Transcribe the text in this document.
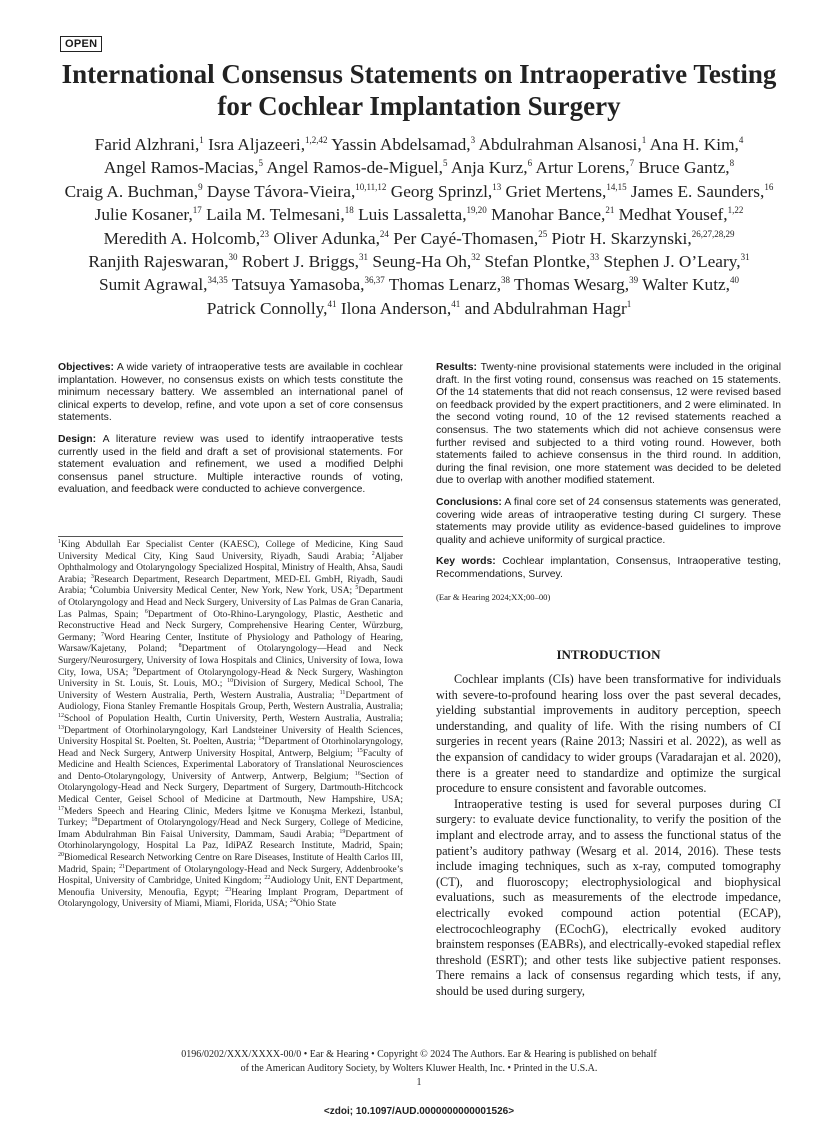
OPEN
International Consensus Statements on Intraoperative Testing for Cochlear Implantation Surgery
Farid Alzhrani,$^1$ Isra Aljazeeri,$^{1,2,42}$ Yassin Abdelsamad,$^3$ Abdulrahman Alsanosi,$^1$ Ana H. Kim,$^4$ Angel Ramos-Macias,$^5$ Angel Ramos-de-Miguel,$^5$ Anja Kurz,$^6$ Artur Lorens,$^7$ Bruce Gantz,$^8$ Craig A. Buchman,$^9$ Dayse Távora-Vieira,$^{10,11,12}$ Georg Sprinzl,$^{13}$ Griet Mertens,$^{14,15}$ James E. Saunders,$^{16}$ Julie Kosaner,$^{17}$ Laila M. Telmesani,$^{18}$ Luis Lassaletta,$^{19,20}$ Manohar Bance,$^{21}$ Medhat Yousef,$^{1,22}$ Meredith A. Holcomb,$^{23}$ Oliver Adunka,$^{24}$ Per Cayé-Thomasen,$^{25}$ Piotr H. Skarzynski,$^{26,27,28,29}$ Ranjith Rajeswaran,$^{30}$ Robert J. Briggs,$^{31}$ Seung-Ha Oh,$^{32}$ Stefan Plontke,$^{33}$ Stephen J. O’Leary,$^{31}$ Sumit Agrawal,$^{34,35}$ Tatsuya Yamasoba,$^{36,37}$ Thomas Lenarz,$^{38}$ Thomas Wesarg,$^{39}$ Walter Kutz,$^{40}$ Patrick Connolly,$^{41}$ Ilona Anderson,$^{41}$ and Abdulrahman Hagr$^1$

Objectives: A wide variety of intraoperative tests are available in cochlear implantation. However, no consensus exists on which tests constitute the minimum necessary battery. We assembled an international panel of clinical experts to develop, refine, and vote upon a set of core consensus statements.

Design: A literature review was used to identify intraoperative tests currently used in the field and draft a set of provisional statements. For statement evaluation and refinement, we used a modified Delphi consensus panel structure. Multiple interactive rounds of voting, evaluation, and feedback were conducted to achieve convergence.

Results: Twenty-nine provisional statements were included in the original draft. In the first voting round, consensus was reached on 15 statements. Of the 14 statements that did not reach consensus, 12 were revised based on feedback provided by the expert practitioners, and 2 were eliminated. In the second voting round, 10 of the 12 revised statements reached a consensus. The two statements which did not achieve consensus were further revised and subjected to a third voting round. However, both statements failed to achieve consensus in the third round. In addition, during the final revision, one more statement was decided to be deleted due to overlap with another modified statement.

Conclusions: A final core set of 24 consensus statements was generated, covering wide areas of intraoperative testing during CI surgery. These statements may provide utility as evidence-based guidelines to improve quality and achieve uniformity of surgical practice.

Key words: Cochlear implantation, Consensus, Intraoperative testing, Recommendations, Survey.

(Ear & Hearing 2024;XX;00–00)

$^1$King Abdullah Ear Specialist Center (KAESC), College of Medicine, King Saud University Medical City, King Saud University, Riyadh, Saudi Arabia; $^2$Aljaber Ophthalmology and Otolaryngology Specialized Hospital, Ministry of Health, Ahsa, Saudi Arabia; $^3$Research Department, Research Department, MED-EL GmbH, Riyadh, Saudi Arabia; $^4$Columbia University Medical Center, New York, New York, USA; $^5$Department of Otolaryngology and Head and Neck Surgery, University of Las Palmas de Gran Canaria, Las Palmas, Spain; $^6$Department of Oto-Rhino-Laryngology, Plastic, Aesthetic and Reconstructive Head and Neck Surgery, Comprehensive Hearing Center, Würzburg, Germany; $^7$Word Hearing Center, Institute of Physiology and Pathology of Hearing, Warsaw/Kajetany, Poland; $^8$Department of Otolaryngology—Head and Neck Surgery/Neurosurgery, University of Iowa Hospitals and Clinics, University of Iowa, Iowa City, Iowa, USA; $^9$Department of Otolaryngology-Head & Neck Surgery, Washington University in St. Louis, St. Louis, MO.; $^{10}$Division of Surgery, Medical School, The University of Western Australia, Perth, Western Australia, Australia; $^{11}$Department of Audiology, Fiona Stanley Fremantle Hospitals Group, Perth, Western Australia, Australia; $^{12}$School of Population Health, Curtin University, Perth, Western Australia, Australia; $^{13}$Department of Otorhinolaryngology, Karl Landsteiner University of Health Sciences, University Hospital St. Poelten, St. Poelten, Austria; $^{14}$Department of Otorhinolaryngology, Head and Neck Surgery, Antwerp University Hospital, Antwerp, Belgium; $^{15}$Faculty of Medicine and Health Sciences, Experimental Laboratory of Translational Neurosciences and Dento-Otolaryngology, University of Antwerp, Antwerp, Belgium; $^{16}$Section of Otolaryngology-Head and Neck Surgery, Department of Surgery, Dartmouth-Hitchcock Medical Center, Geisel School of Medicine at Dartmouth, New Hampshire, USA; $^{17}$Meders Speech and Hearing Clinic, Meders İşitme ve Konuşma Merkezi, İstanbul, Turkey; $^{18}$Department of Otolaryngology/Head and Neck Surgery, College of Medicine, Imam Abdulrahman Bin Faisal University, Dammam, Saudi Arabia; $^{19}$Department of Otorhinolaryngology, Hospital La Paz, IdiPAZ Research Institute, Madrid, Spain; $^{20}$Biomedical Research Networking Centre on Rare Diseases, Institute of Health Carlos III, Madrid, Spain; $^{21}$Department of Otolaryngology-Head and Neck Surgery, Addenbrooke’s Hospital, University of Cambridge, United Kingdom; $^{22}$Audiology Unit, ENT Department, Menoufia University, Menoufia, Egypt; $^{23}$Hearing Implant Program, Department of Otolaryngology, University of Miami, Miami, Florida, USA; $^{24}$Ohio State
INTRODUCTION

Cochlear implants (CIs) have been transformative for individuals with severe-to-profound hearing loss over the past several decades, yielding substantial improvements in auditory perception, speech understanding, and quality of life. With the rising numbers of CI surgeries in recent years (Raine 2013; Nassiri et al. 2022), as well as the expansion of candidacy to wider groups (Varadarajan et al. 2020), there is a greater need to standardize and optimize the surgical procedure to ensure consistent and favorable outcomes.

Intraoperative testing is used for several purposes during CI surgery: to evaluate device functionality, to verify the position of the implant and electrode array, and to assess the functional status of the patient’s auditory pathway (Wesarg et al. 2014, 2016). These tests include imaging techniques, such as x-ray, computed tomography (CT), and fluoroscopy; electrophysiological and biophysical evaluations, such as measurements of the electrode impedance, electrically evoked compound action potential (ECAP), electrocochleography (ECochG), electrically evoked auditory brainstem responses (EABRs), and electrically-evoked stapedial reflex threshold (ESRT); and other tests like subjective patient responses. There remains a lack of consensus regarding which tests, if any, should be used during surgery,

0196/0202/XXX/XXXX-00/0 • Ear & Hearing • Copyright © 2024 The Authors. Ear & Hearing is published on behalf
of the American Auditory Society, by Wolters Kluwer Health, Inc. • Printed in the U.S.A.
1
<zdoi; 10.1097/AUD.0000000000001526>
